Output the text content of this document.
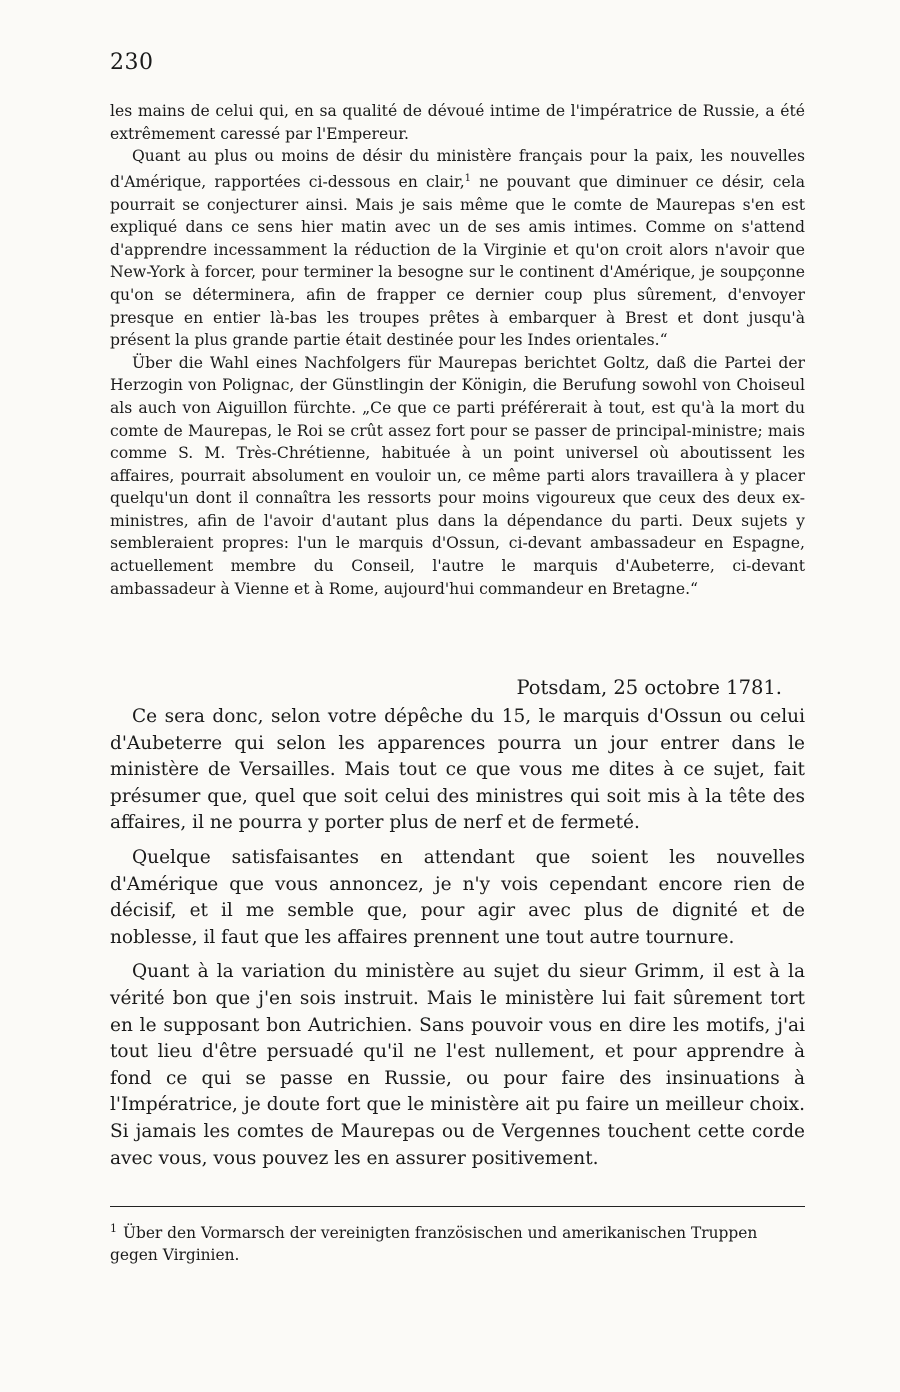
230

les mains de celui qui, en sa qualité de dévoué intime de l'impératrice de Russie, a été extrêmement caressé par l'Empereur.

Quant au plus ou moins de désir du ministère français pour la paix, les nouvelles d'Amérique, rapportées ci-dessous en clair,$^1$ ne pouvant que diminuer ce désir, cela pourrait se conjecturer ainsi. Mais je sais même que le comte de Maurepas s'en est expliqué dans ce sens hier matin avec un de ses amis intimes. Comme on s'attend d'apprendre incessamment la réduction de la Virginie et qu'on croit alors n'avoir que New-York à forcer, pour terminer la besogne sur le continent d'Amérique, je soupçonne qu'on se déterminera, afin de frapper ce dernier coup plus sûrement, d'envoyer presque en entier là-bas les troupes prêtes à embarquer à Brest et dont jusqu'à présent la plus grande partie était destinée pour les Indes orientales.“

Über die Wahl eines Nachfolgers für Maurepas berichtet Goltz, daß die Partei der Herzogin von Polignac, der Günstlingin der Königin, die Berufung sowohl von Choiseul als auch von Aiguillon fürchte. „Ce que ce parti préférerait à tout, est qu'à la mort du comte de Maurepas, le Roi se crût assez fort pour se passer de principal-ministre; mais comme S. M. Très-Chrétienne, habituée à un point universel où aboutissent les affaires, pourrait absolument en vouloir un, ce même parti alors travaillera à y placer quelqu'un dont il connaîtra les ressorts pour moins vigoureux que ceux des deux ex-ministres, afin de l'avoir d'autant plus dans la dépendance du parti. Deux sujets y sembleraient propres: l'un le marquis d'Ossun, ci-devant ambassadeur en Espagne, actuellement membre du Conseil, l'autre le marquis d'Aubeterre, ci-devant ambassadeur à Vienne et à Rome, aujourd'hui commandeur en Bretagne.“

Potsdam, 25 octobre 1781.

Ce sera donc, selon votre dépêche du 15, le marquis d'Ossun ou celui d'Aubeterre qui selon les apparences pourra un jour entrer dans le ministère de Versailles. Mais tout ce que vous me dites à ce sujet, fait présumer que, quel que soit celui des ministres qui soit mis à la tête des affaires, il ne pourra y porter plus de nerf et de fermeté.

Quelque satisfaisantes en attendant que soient les nouvelles d'Amérique que vous annoncez, je n'y vois cependant encore rien de décisif, et il me semble que, pour agir avec plus de dignité et de noblesse, il faut que les affaires prennent une tout autre tournure.

Quant à la variation du ministère au sujet du sieur Grimm, il est à la vérité bon que j'en sois instruit. Mais le ministère lui fait sûrement tort en le supposant bon Autrichien. Sans pouvoir vous en dire les motifs, j'ai tout lieu d'être persuadé qu'il ne l'est nullement, et pour apprendre à fond ce qui se passe en Russie, ou pour faire des insinuations à l'Impératrice, je doute fort que le ministère ait pu faire un meilleur choix. Si jamais les comtes de Maurepas ou de Vergennes touchent cette corde avec vous, vous pouvez les en assurer positivement.

$^1$ Über den Vormarsch der vereinigten französischen und amerikanischen Truppen gegen Virginien.
